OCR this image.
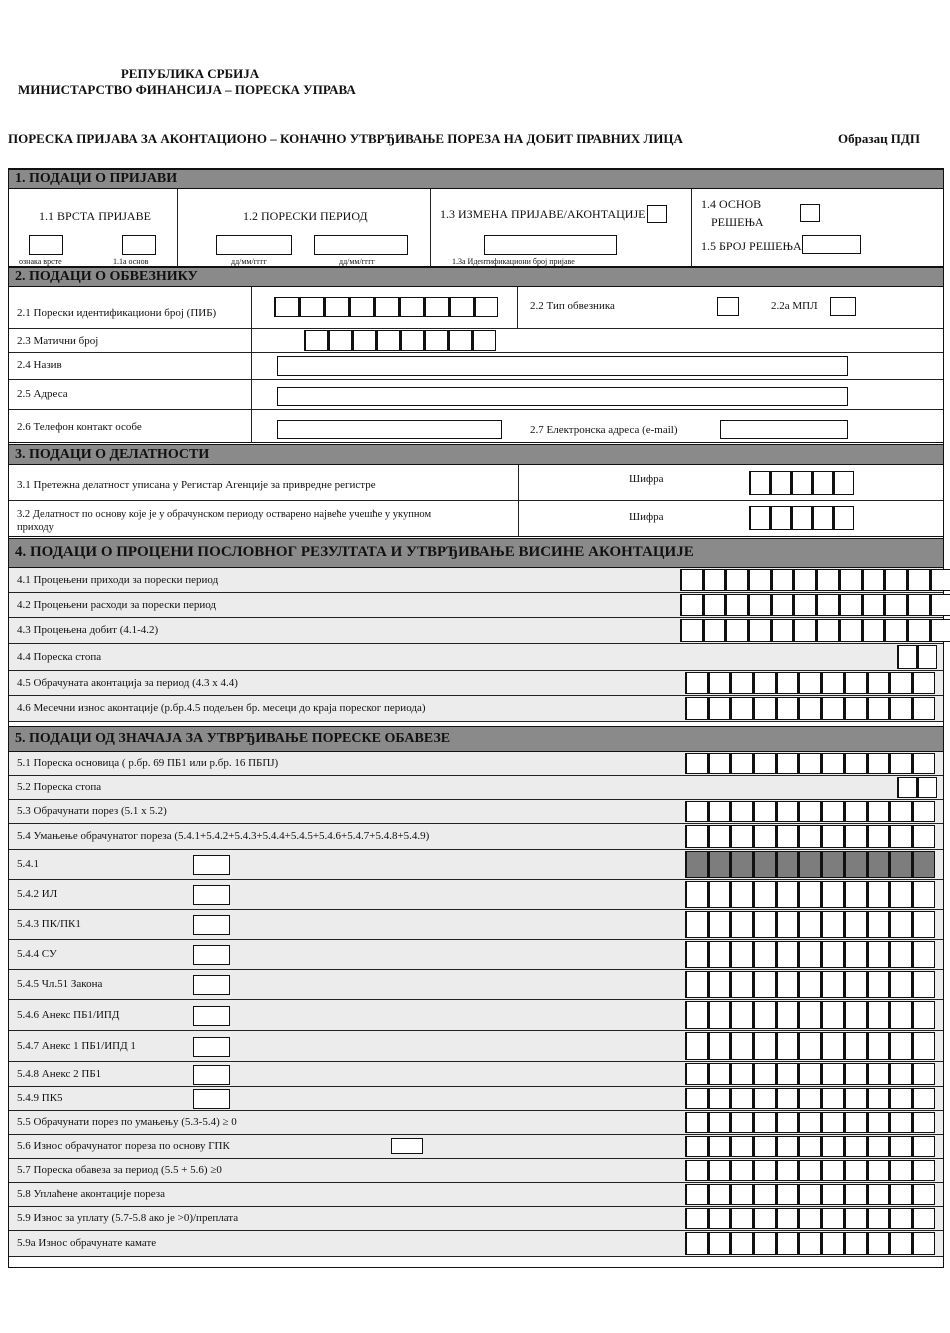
РЕПУБЛИКА СРБИЈА
МИНИСТАРСТВО ФИНАНСИЈА – ПОРЕСКА УПРАВА
ПОРЕСКА ПРИЈАВА ЗА АКОНТАЦИОНО – КОНАЧНО УТВРЂИВАЊЕ ПОРЕЗА НА ДОБИТ ПРАВНИХ ЛИЦА	Образац ПДП
1. ПОДАЦИ О ПРИЈАВИ
1.1 ВРСТА ПРИЈАВЕ
ознака врсте	1.1а основ
1.2 ПОРЕСКИ ПЕРИОД
дд/мм/гггг	дд/мм/гггг
1.3 ИЗМЕНА ПРИЈАВЕ/АКОНТАЦИЈЕ
1.3а Идентификациони број пријаве
1.4 ОСНОВ
РЕШЕЊА
1.5 БРОЈ РЕШЕЊА
2. ПОДАЦИ О ОБВЕЗНИКУ
2.1 Порески идентификациони број (ПИБ)
2.2 Тип обвезника	2.2а МПЛ
2.3 Матични број
2.4 Назив
2.5 Адреса
2.6 Телефон контакт особе	2.7 Електронска адреса (e-mail)
3. ПОДАЦИ О ДЕЛАТНОСТИ
3.1 Претежна делатност уписана у Регистар Агенције за привредне регистре	Шифра
3.2 Делатност по основу које је у обрачунском периоду остварено највеће учешће у укупном
приходу
Шифра
4. ПОДАЦИ О ПРОЦЕНИ ПОСЛОВНОГ РЕЗУЛТАТА И УТВРЂИВАЊЕ ВИСИНЕ АКОНТАЦИЈЕ
5. ПОДАЦИ ОД ЗНАЧАЈА ЗА УТВРЂИВАЊЕ ПОРЕСКЕ ОБАВЕЗЕ
4.1 Процењени приходи за порески период
4.2 Процењени расходи за порески период
4.3 Процењена добит (4.1-4.2)
4.4 Пореска стопа
4.5 Обрачуната аконтација за период (4.3 x 4.4)
4.6 Месечни износ аконтације (р.бр.4.5 подељен бр. месеци до краја пореског периода)
5.1 Пореска основица ( р.бр. 69 ПБ1 или р.бр. 16 ПБПЈ)
5.2 Пореска стопа
5.3 Обрачунати порез (5.1 x 5.2)
5.4 Умањење обрачунатог пореза (5.4.1+5.4.2+5.4.3+5.4.4+5.4.5+5.4.6+5.4.7+5.4.8+5.4.9)
5.4.1
5.4.2 ИЛ
5.4.3 ПК/ПК1
5.4.4 СУ
5.4.5 Чл.51 Закона
5.4.6 Анекс ПБ1/ИПД
5.4.7 Анекс 1 ПБ1/ИПД 1
5.4.8 Анекс 2 ПБ1
5.4.9 ПК5
5.5 Обрачунати порез по умањењу (5.3-5.4) ≥ 0
5.6 Износ обрачунатог пореза по основу ГПК
5.7 Пореска обавеза за период (5.5 + 5.6) ≥0
5.8 Уплаћене аконтације пореза
5.9 Износ за уплату (5.7-5.8 ако је >0)/преплата
5.9а Износ обрачунате камате
